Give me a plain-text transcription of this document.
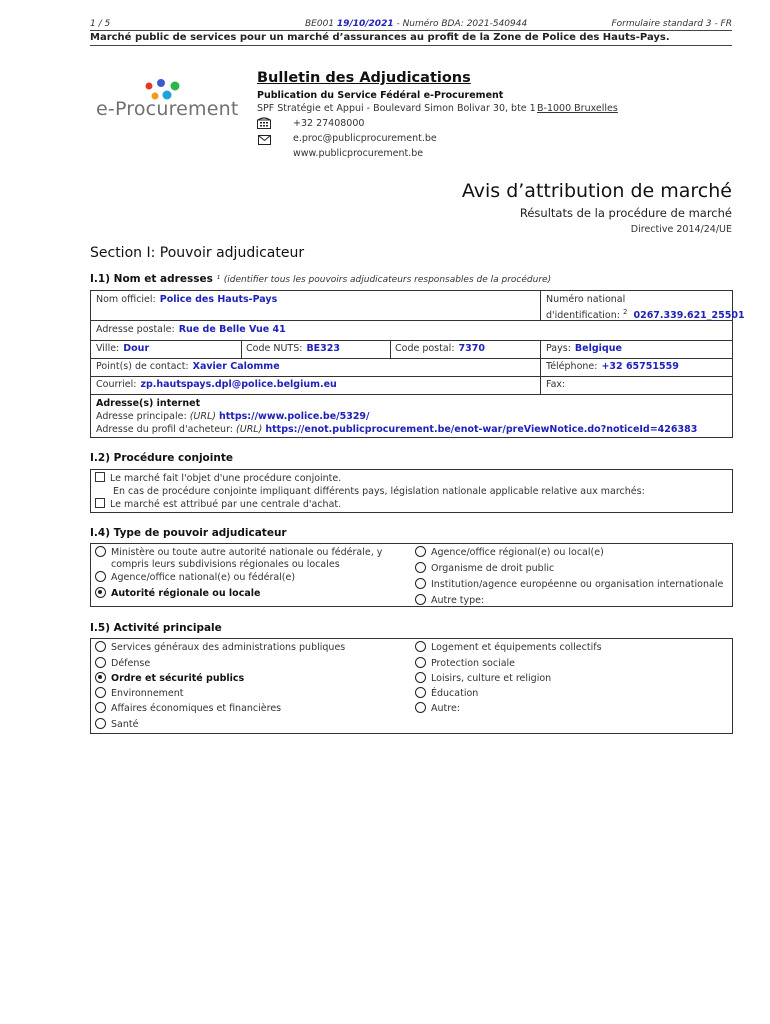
1 / 5	BE001 19/10/2021 - Numéro BDA: 2021-540944	Formulaire standard 3 - FR
Marché public de services pour un marché d’assurances au profit de la Zone de Police des Hauts-Pays.
e-Procurement
Bulletin des Adjudications
Publication du Service Fédéral e-Procurement
SPF Stratégie et Appui - Boulevard Simon Bolivar 30, bte 1 B-1000 Bruxelles
+32 27408000
e.proc@publicprocurement.be
www.publicprocurement.be
Avis d’attribution de marché
Résultats de la procédure de marché
Directive 2014/24/UE
Section I: Pouvoir adjudicateur
I.1) Nom et adresses ¹ (identifier tous les pouvoirs adjudicateurs responsables de la procédure)
Nom officiel: Police des Hauts-Pays	Numéro national
d'identification: $^2$ 0267.339.621_25501
Adresse postale: Rue de Belle Vue 41
Ville: Dour	Code NUTS: BE323	Code postal: 7370	Pays: Belgique
Point(s) de contact: Xavier Calomme	Téléphone: +32 65751559
Courriel: zp.hautspays.dpl@police.belgium.eu	Fax:
Adresse(s) internet
Adresse principale: (URL) https://www.police.be/5329/
Adresse du profil d'acheteur: (URL) https://enot.publicprocurement.be/enot-war/preViewNotice.do?noticeId=426383
I.2) Procédure conjointe
Le marché fait l'objet d'une procédure conjointe.
En cas de procédure conjointe impliquant différents pays, législation nationale applicable relative aux marchés:
Le marché est attribué par une centrale d'achat.
I.4) Type de pouvoir adjudicateur
Ministère ou toute autre autorité nationale ou fédérale, y
compris leurs subdivisions régionales ou locales
Agence/office national(e) ou fédéral(e)
Autorité régionale ou locale
Agence/office régional(e) ou local(e)
Organisme de droit public
Institution/agence européenne ou organisation internationale
Autre type:
I.5) Activité principale
Services généraux des administrations publiques
Défense
Ordre et sécurité publics
Environnement
Affaires économiques et financières
Santé
Logement et équipements collectifs
Protection sociale
Loisirs, culture et religion
Éducation
Autre:
